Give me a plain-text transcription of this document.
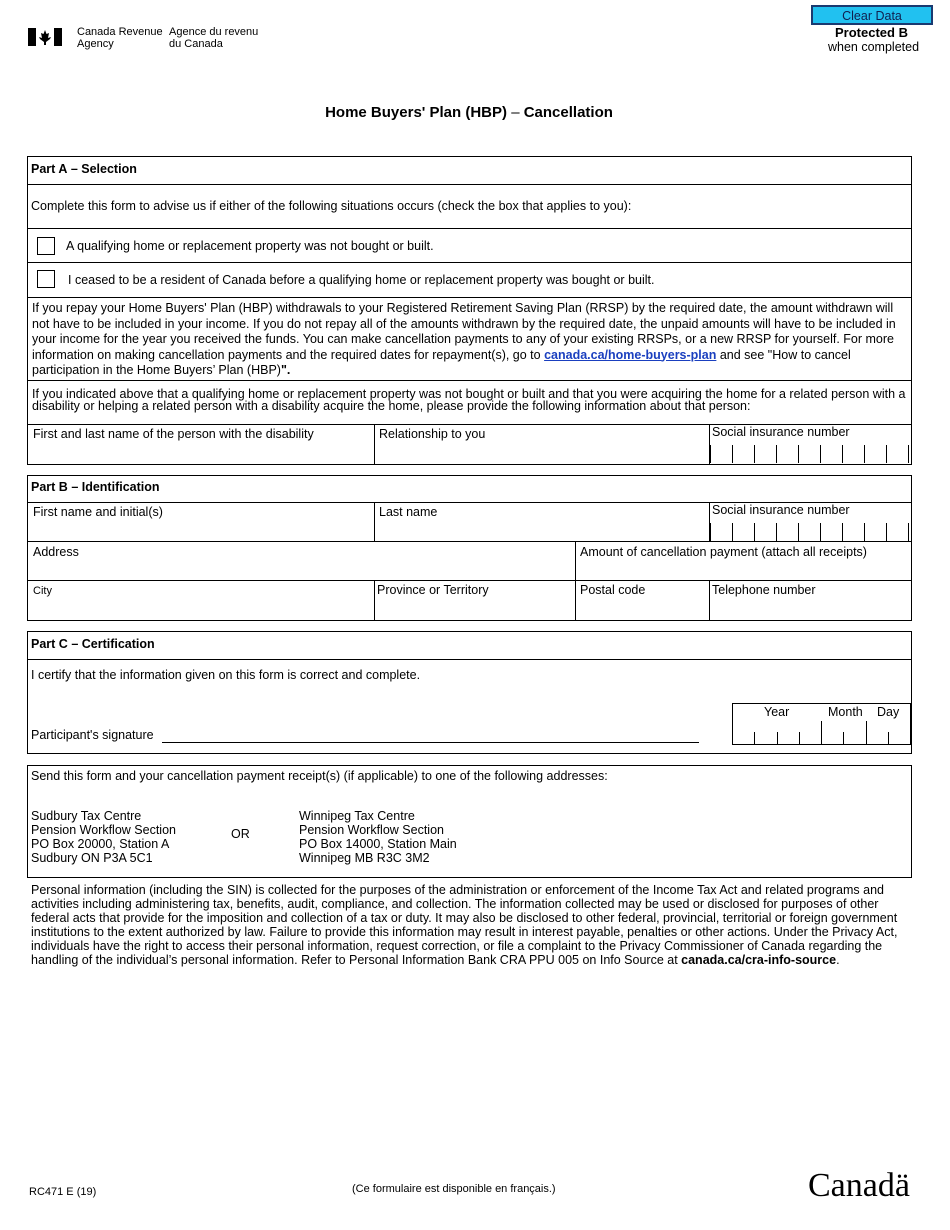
Canada Revenue
Agency
Agence du revenu
du Canada
Clear Data
Protected B
when completed
Home Buyers' Plan (HBP) – Cancellation
Part A – Selection
Complete this form to advise us if either of the following situations occurs (check the box that applies to you):
A qualifying home or replacement property was not bought or built.
I ceased to be a resident of Canada before a qualifying home or replacement property was bought or built.
If you repay your Home Buyers' Plan (HBP) withdrawals to your Registered Retirement Saving Plan (RRSP) by the required date, the amount withdrawn will not have to be included in your income. If you do not repay all of the amounts withdrawn by the required date, the unpaid amounts will have to be included in your income for the year you received the funds. You can make cancellation payments to any of your existing RRSPs, or a new RRSP for yourself. For more information on making cancellation payments and the required dates for repayment(s), go to canada.ca/home-buyers-plan and see "How to cancel participation in the Home Buyers’ Plan (HBP)".
If you indicated above that a qualifying home or replacement property was not bought or built and that you were acquiring the home for a related person with a disability or helping a related person with a disability acquire the home, please provide the following information about that person:
First and last name of the person with the disability	Relationship to you	Social insurance number
Part B – Identification
First name and initial(s)	Last name	Social insurance number
Address	Amount of cancellation payment (attach all receipts)
City	Province or Territory	Postal code	Telephone number
Part C – Certification
I certify that the information given on this form is correct and complete.
Participant's signature
Year	Month Day
Send this form and your cancellation payment receipt(s) (if applicable) to one of the following addresses:
Sudbury Tax Centre
Pension Workflow Section
PO Box 20000, Station A
Sudbury ON P3A 5C1
OR
Winnipeg Tax Centre
Pension Workflow Section
PO Box 14000, Station Main
Winnipeg MB R3C 3M2
Personal information (including the SIN) is collected for the purposes of the administration or enforcement of the Income Tax Act and related programs and activities including administering tax, benefits, audit, compliance, and collection. The information collected may be used or disclosed for purposes of other federal acts that provide for the imposition and collection of a tax or duty. It may also be disclosed to other federal, provincial, territorial or foreign government institutions to the extent authorized by law. Failure to provide this information may result in interest payable, penalties or other actions. Under the Privacy Act, individuals have the right to access their personal information, request correction, or file a complaint to the Privacy Commissioner of Canada regarding the handling of the individual’s personal information. Refer to Personal Information Bank CRA PPU 005 on Info Source at canada.ca/cra-info-source.
RC471 E (19)	(Ce formulaire est disponible en français.)	Canadä
